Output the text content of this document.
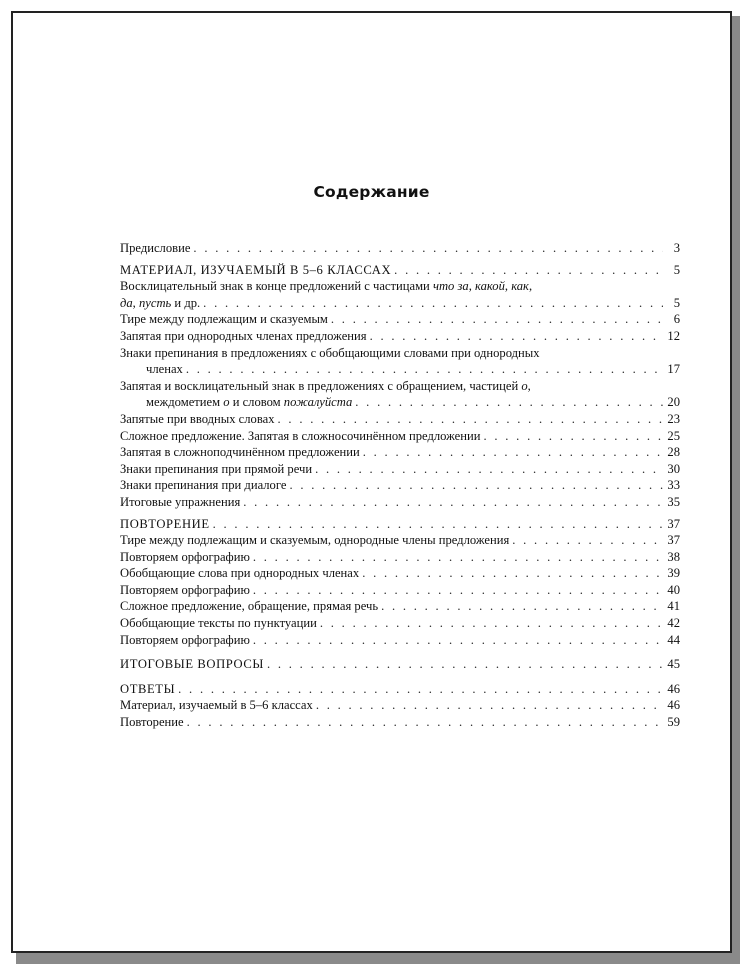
Содержание
Предисловие . . .	3
МАТЕРИАЛ, ИЗУЧАЕМЫЙ В 5–6 КЛАССАХ . . .	5
Восклицательный знак в конце предложений с частицами что за, какой, как,
да, пусть и др. . . .	5
Тире между подлежащим и сказуемым . . .	6
Запятая при однородных членах предложения . . .	12
Знаки препинания в предложениях с обобщающими словами при однородных
членах . . .	17
Запятая и восклицательный знак в предложениях с обращением, частицей о,
междометием о и словом пожалуйста . . .	20
Запятые при вводных словах . . .	23
Сложное предложение. Запятая в сложносочинённом предложении . . .	25
Запятая в сложноподчинённом предложении . . .	28
Знаки препинания при прямой речи . . .	30
Знаки препинания при диалоге . . .	33
Итоговые упражнения . . .	35
ПОВТОРЕНИЕ . . .	37
Тире между подлежащим и сказуемым, однородные члены предложения . . .	37
Повторяем орфографию . . .	38
Обобщающие слова при однородных членах . . .	39
Повторяем орфографию . . .	40
Сложное предложение, обращение, прямая речь . . .	41
Обобщающие тексты по пунктуации . . .	42
Повторяем орфографию . . .	44
ИТОГОВЫЕ ВОПРОСЫ . . .	45
ОТВЕТЫ . . .	46
Материал, изучаемый в 5–6 классах . . .	46
Повторение . . .	59
